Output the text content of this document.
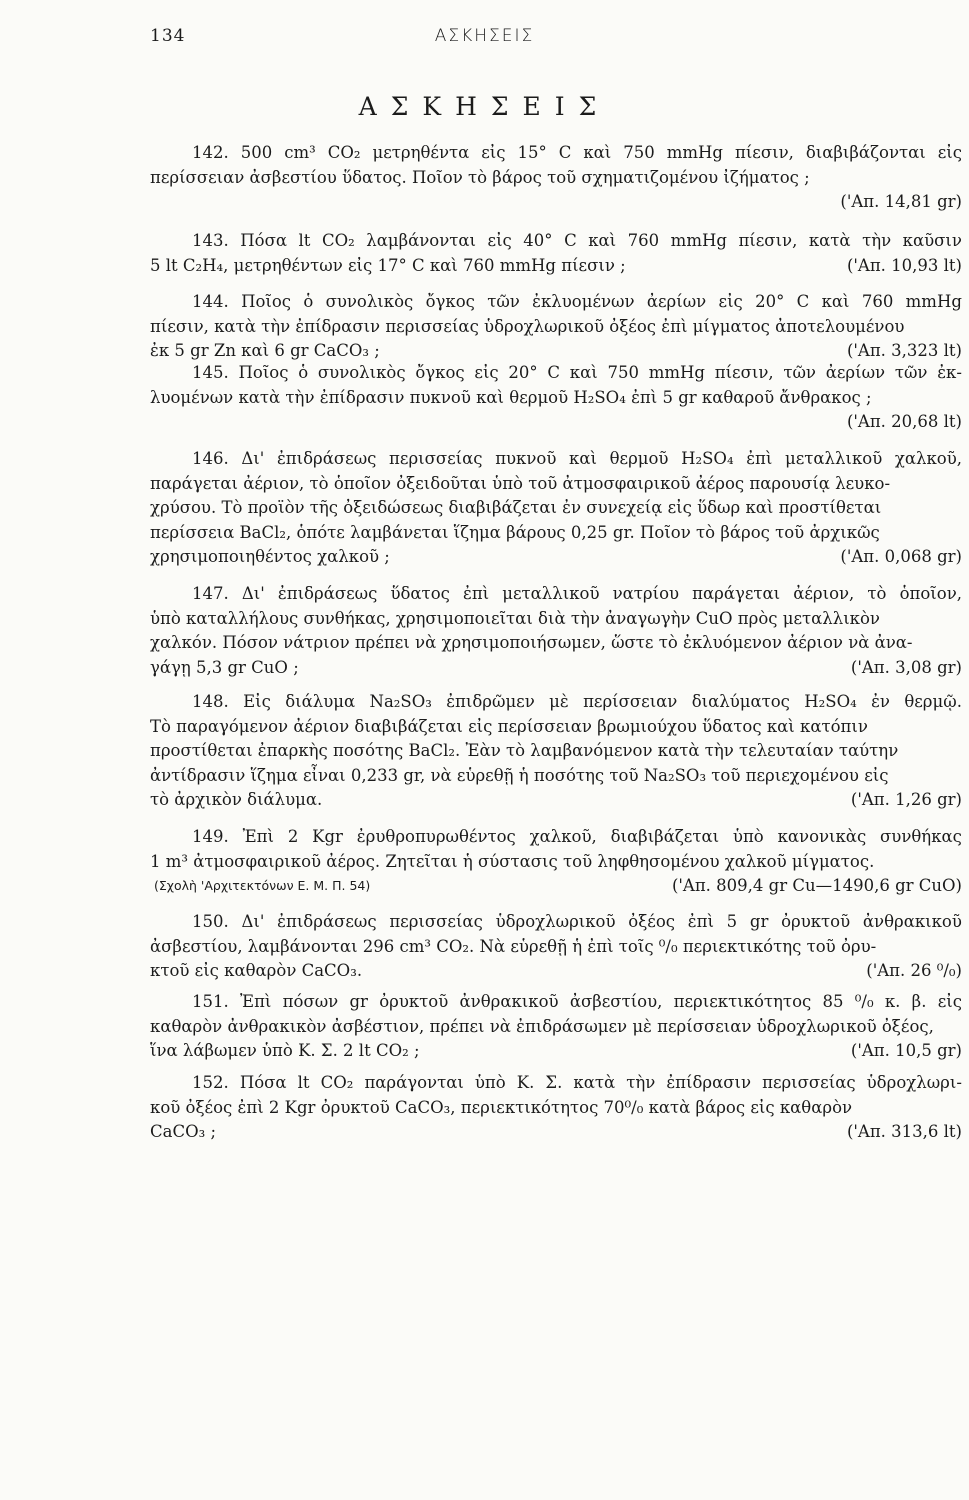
134	ΑΣΚΗΣΕΙΣ
ΑΣΚΗΣΕΙΣ
142. 500 cm³ CO₂ μετρηθέντα εἰς 15° C καὶ 750 mmHg πίεσιν, διαβιβάζονται εἰς
περίσσειαν ἀσβεστίου ὕδατος. Ποῖον τὸ βάρος τοῦ σχηματιζομένου ἰζήματος ;
('Απ. 14,81 gr)
143. Πόσα lt CO₂ λαμβάνονται εἰς 40° C καὶ 760 mmHg πίεσιν, κατὰ τὴν καῦσιν
5 lt C₂H₄, μετρηθέντων εἰς 17° C καὶ 760 mmHg πίεσιν ;	('Απ. 10,93 lt)
144. Ποῖος ὁ συνολικὸς ὄγκος τῶν ἐκλυομένων ἀερίων εἰς 20° C καὶ 760 mmHg
πίεσιν, κατὰ τὴν ἐπίδρασιν περισσείας ὑδροχλωρικοῦ ὀξέος ἐπὶ μίγματος ἀποτελουμένου
ἐκ 5 gr Zn καὶ 6 gr CaCO₃ ;	('Απ. 3,323 lt)
145. Ποῖος ὁ συνολικὸς ὄγκος εἰς 20° C καὶ 750 mmHg πίεσιν, τῶν ἀερίων τῶν ἐκ-
λυομένων κατὰ τὴν ἐπίδρασιν πυκνοῦ καὶ θερμοῦ H₂SO₄ ἐπὶ 5 gr καθαροῦ ἄνθρακος ;
('Απ. 20,68 lt)
146. Δι' ἐπιδράσεως περισσείας πυκνοῦ καὶ θερμοῦ H₂SO₄ ἐπὶ μεταλλικοῦ χαλκοῦ,
παράγεται ἀέριον, τὸ ὁποῖον ὀξειδοῦται ὑπὸ τοῦ ἀτμοσφαιρικοῦ ἀέρος παρουσίᾳ λευκο-
χρύσου. Τὸ προϊὸν τῆς ὀξειδώσεως διαβιβάζεται ἐν συνεχείᾳ εἰς ὕδωρ καὶ προστίθεται
περίσσεια BaCl₂, ὁπότε λαμβάνεται ἵζημα βάρους 0,25 gr. Ποῖον τὸ βάρος τοῦ ἀρχικῶς
χρησιμοποιηθέντος χαλκοῦ ;	('Απ. 0,068 gr)
147. Δι' ἐπιδράσεως ὕδατος ἐπὶ μεταλλικοῦ νατρίου παράγεται ἀέριον, τὸ ὁποῖον,
ὑπὸ καταλλήλους συνθήκας, χρησιμοποιεῖται διὰ τὴν ἀναγωγὴν CuO πρὸς μεταλλικὸν
χαλκόν. Πόσον νάτριον πρέπει νὰ χρησιμοποιήσωμεν, ὥστε τὸ ἐκλυόμενον ἀέριον νὰ ἀνα-
γάγῃ 5,3 gr CuO ;	('Απ. 3,08 gr)
148. Εἰς διάλυμα Na₂SO₃ ἐπιδρῶμεν μὲ περίσσειαν διαλύματος H₂SO₄ ἐν θερμῷ.
Τὸ παραγόμενον ἀέριον διαβιβάζεται εἰς περίσσειαν βρωμιούχου ὕδατος καὶ κατόπιν
προστίθεται ἐπαρκὴς ποσότης BaCl₂. Ἐὰν τὸ λαμβανόμενον κατὰ τὴν τελευταίαν ταύτην
ἀντίδρασιν ἵζημα εἶναι 0,233 gr, νὰ εὑρεθῇ ἡ ποσότης τοῦ Na₂SO₃ τοῦ περιεχομένου εἰς
τὸ ἀρχικὸν διάλυμα.	('Απ. 1,26 gr)
149. Ἐπὶ 2 Kgr ἐρυθροπυρωθέντος χαλκοῦ, διαβιβάζεται ὑπὸ κανονικὰς συνθήκας
1 m³ ἀτμοσφαιρικοῦ ἀέρος. Ζητεῖται ἡ σύστασις τοῦ ληφθησομένου χαλκοῦ μίγματος.
(Σχολὴ 'Αρχιτεκτόνων Ε. Μ. Π. 54)	('Απ. 809,4 gr Cu—1490,6 gr CuO)
150. Δι' ἐπιδράσεως περισσείας ὑδροχλωρικοῦ ὀξέος ἐπὶ 5 gr ὀρυκτοῦ ἀνθρακικοῦ
ἀσβεστίου, λαμβάνονται 296 cm³ CO₂. Νὰ εὑρεθῇ ἡ ἐπὶ τοῖς ⁰/₀ περιεκτικότης τοῦ ὀρυ-
κτοῦ εἰς καθαρὸν CaCO₃.	('Απ. 26 ⁰/₀)
151. Ἐπὶ πόσων gr ὀρυκτοῦ ἀνθρακικοῦ ἀσβεστίου, περιεκτικότητος 85 ⁰/₀ κ. β. εἰς
καθαρὸν ἀνθρακικὸν ἀσβέστιον, πρέπει νὰ ἐπιδράσωμεν μὲ περίσσειαν ὑδροχλωρικοῦ ὀξέος,
ἵνα λάβωμεν ὑπὸ Κ. Σ. 2 lt CO₂ ;	('Απ. 10,5 gr)
152. Πόσα lt CO₂ παράγονται ὑπὸ Κ. Σ. κατὰ τὴν ἐπίδρασιν περισσείας ὑδροχλωρι-
κοῦ ὀξέος ἐπὶ 2 Kgr ὀρυκτοῦ CaCO₃, περιεκτικότητος 70⁰/₀ κατὰ βάρος εἰς καθαρὸν
CaCO₃ ;	('Απ. 313,6 lt)
